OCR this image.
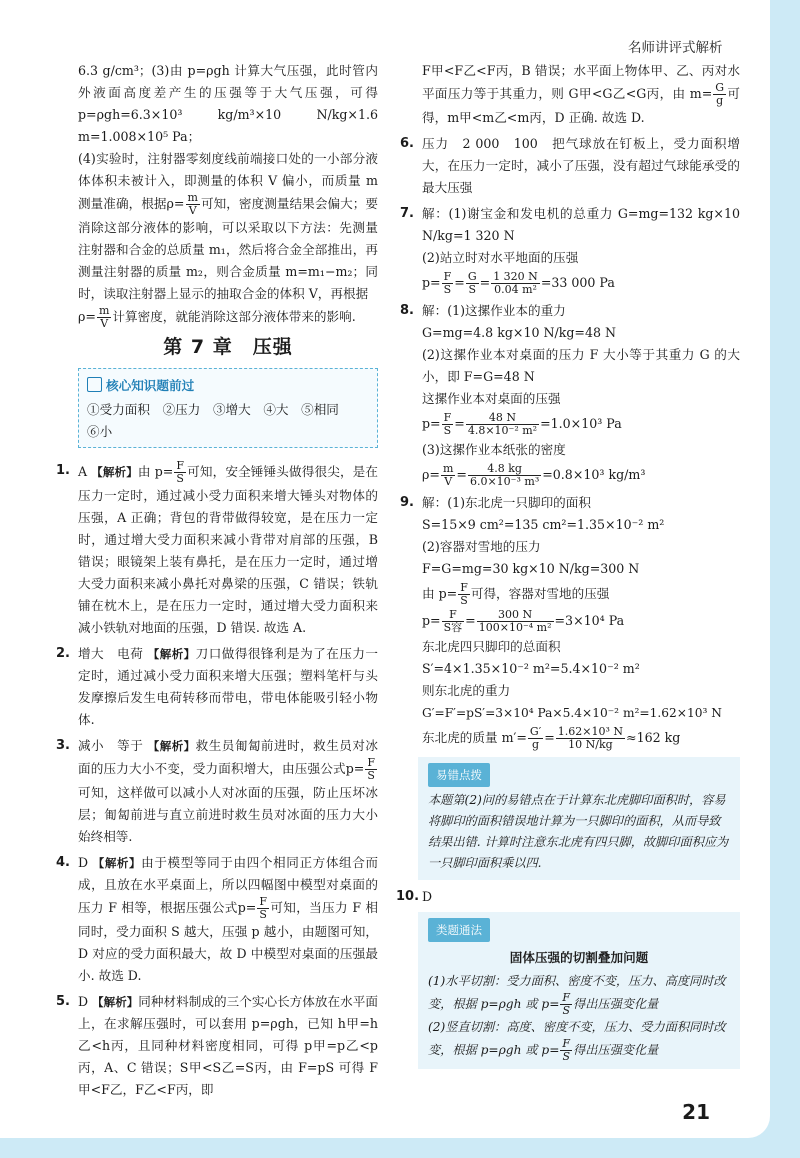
名师讲评式解析

6.3 g/cm³；(3)由 p=ρgh 计算大气压强，此时管内外液面高度差产生的压强等于大气压强，可得 p=ρgh=6.3×10³ kg/m³×10 N/kg×1.6 m=1.008×10⁵ Pa；

(4)实验时，注射器零刻度线前端接口处的一小部分液体体积未被计入，即测量的体积 V 偏小，而质量 m 测量准确，根据$\rho= \frac{m}{V}$ 可知，密度测量结果会偏大；要消除这部分液体的影响，可以采取以下方法：先测量注射器和合金的总质量 m₁，然后将合金全部推出，再测量注射器的质量 m₂，则合金质量 m=m₁−m₂；同时，读取注射器上显示的抽取合金的体积 V，再根据

$\rho= \frac{m}{V}$ 计算密度，就能消除这部分液体带来的影响.

第 7 章　压强
核心知识题前过
①受力面积　②压力　③增大　④大　⑤相同
⑥小

1. A 【解析】由 $p= \frac{F}{S}$ 可知，安全锤锤头做得很尖，是在压力一定时，通过减小受力面积来增大锤头对物体的压强，A 正确；背包的背带做得较宽，是在压力一定时，通过增大受力面积来减小背带对肩部的压强，B 错误；眼镜架上装有鼻托，是在压力一定时，通过增大受力面积来减小鼻托对鼻梁的压强，C 错误；铁轨铺在枕木上，是在压力一定时，通过增大受力面积来减小铁轨对地面的压强，D 错误. 故选 A.

2. 增大　电荷 【解析】刀口做得很锋利是为了在压力一定时，通过减小受力面积来增大压强；塑料笔杆与头发摩擦后发生电荷转移而带电，带电体能吸引轻小物体.

3. 减小　等于 【解析】救生员匍匐前进时，救生员对冰面的压力大小不变，受力面积增大，由压强公式$p= \frac{F}{S}$
可知，这样做可以减小人对冰面的压强，防止压坏冰层；匍匐前进与直立前进时救生员对冰面的压力大小始终相等.

4. D 【解析】由于模型等同于由四个相同正方体组合而成，且放在水平桌面上，所以四幅图中模型对桌面的压力 F 相等，根据压强公式$p= \frac{F}{S}$ 可知，当压力 F 相同时，受力面积 S 越大，压强 p 越小，由题图可知，D 对应的受力面积最大，故 D 中模型对桌面的压强最小. 故选 D.

5. D 【解析】同种材料制成的三个实心长方体放在水平面上，在求解压强时，可以套用 p=ρgh，已知 h甲=h乙<h丙，且同种材料密度相同，可得 p甲=p乙<p丙，A、C 错误；S甲<S乙=S丙，由 F=pS 可得 F甲<F乙，F乙<F丙，即

F甲<F乙<F丙，B 错误；水平面上物体甲、乙、丙对水平面压力等于其重力，则 G甲<G乙<G丙，由 $m= \frac{G}{g}$ 可得，m甲<m乙<m丙，D 正确. 故选 D.

6. 压力　2 000　100　把气球放在钉板上，受力面积增大，在压力一定时，减小了压强，没有超过气球能承受的最大压强

7. 解：(1)谢宝金和发电机的总重力 G=mg=132 kg×10 N/kg=1 320 N
(2)站立时对水平地面的压强
$p= \frac{F}{S} = \frac{G}{S} = \frac{1 320 N}{\text{0.04 m²}} =33$ 000 Pa
8. 解：(1)这摞作业本的重力
G=mg=4.8 kg×10 N/kg=48 N
(2)这摞作业本对桌面的压力 F 大小等于其重力 G 的大小，即 F=G=48 N
这摞作业本对桌面的压强
$p= \frac{F}{S} = \frac{48 N}{\text{4.8×10⁻² m²}} =1.0\times 10^3$ Pa
(3)这摞作业本纸张的密度
$\rho= \frac{m}{V} = \frac{4.8 kg}{\text{6.0×10⁻³ m³}} =0.8\times 10^3$ kg/m³
9. 解：(1)东北虎一只脚印的面积
S=15×9 cm²=135 cm²=1.35×10⁻² m²
(2)容器对雪地的压力
F=G=mg=30 kg×10 N/kg=300 N
由 $p= \frac{F}{S}$ 可得，容器对雪地的压强
$p= \frac{F}{\text{S容}} = \frac{300 N}{\text{100×10⁻⁴ m²}} =3\times 10^4$ Pa
东北虎四只脚印的总面积
S′=4×1.35×10⁻² m²=5.4×10⁻² m²
则东北虎的重力
G′=F′=pS′=3×10⁴ Pa×5.4×10⁻² m²=1.62×10³ N
东北虎的质量 $m'= \frac{G'}{g} = \frac{\text{1.62×10³ N}}{10 N/kg} \approx 162$ kg
易错点拨
本题第(2)问的易错点在于计算东北虎脚印面积时，容易将脚印的面积错误地计算为一只脚印的面积，从而导致结果出错. 计算时注意东北虎有四只脚，故脚印面积应为一只脚印面积乘以四.

10. D

类题通法
固体压强的切割叠加问题
(1)水平切割：受力面积、密度不变，压力、高度同时改变，根据 p=ρgh 或 $p= \frac{F}{S}$ 得出压强变化量
(2)竖直切割：高度、密度不变，压力、受力面积同时改变，根据 p=ρgh 或 $p= \frac{F}{S}$ 得出压强变化量
21
